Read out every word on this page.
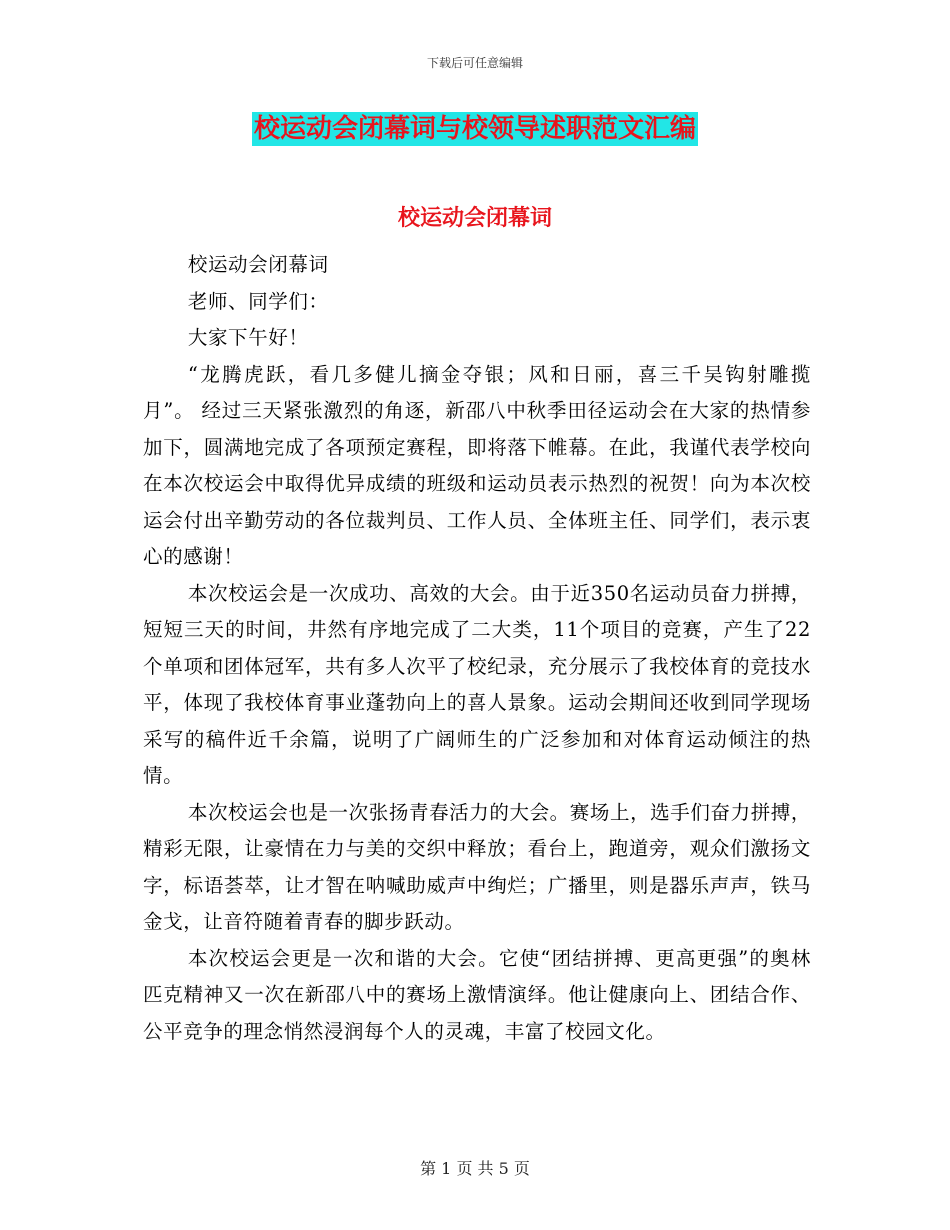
下载后可任意编辑
校运动会闭幕词与校领导述职范文汇编
校运动会闭幕词

校运动会闭幕词

老师、同学们：

大家下午好！

“龙腾虎跃，看几多健儿摘金夺银；风和日丽，喜三千吴钩射雕揽月”。 经过三天紧张激烈的角逐，新邵八中秋季田径运动会在大家的热情参加下，圆满地完成了各项预定赛程，即将落下帷幕。在此，我谨代表学校向在本次校运会中取得优异成绩的班级和运动员表示热烈的祝贺！向为本次校运会付出辛勤劳动的各位裁判员、工作人员、全体班主任、同学们，表示衷心的感谢！

本次校运会是一次成功、高效的大会。由于近350名运动员奋力拼搏，短短三天的时间，井然有序地完成了二大类，11个项目的竞赛，产生了22个单项和团体冠军，共有多人次平了校纪录，充分展示了我校体育的竞技水平，体现了我校体育事业蓬勃向上的喜人景象。运动会期间还收到同学现场采写的稿件近千余篇，说明了广阔师生的广泛参加和对体育运动倾注的热情。

本次校运会也是一次张扬青春活力的大会。赛场上，选手们奋力拼搏，精彩无限，让豪情在力与美的交织中释放；看台上，跑道旁，观众们激扬文字，标语荟萃，让才智在呐喊助威声中绚烂；广播里，则是器乐声声，铁马金戈，让音符随着青春的脚步跃动。

本次校运会更是一次和谐的大会。它使“团结拼搏、更高更强”的奥林匹克精神又一次在新邵八中的赛场上激情演绎。他让健康向上、团结合作、公平竞争的理念悄然浸润每个人的灵魂，丰富了校园文化。

第 1 页 共 5 页
